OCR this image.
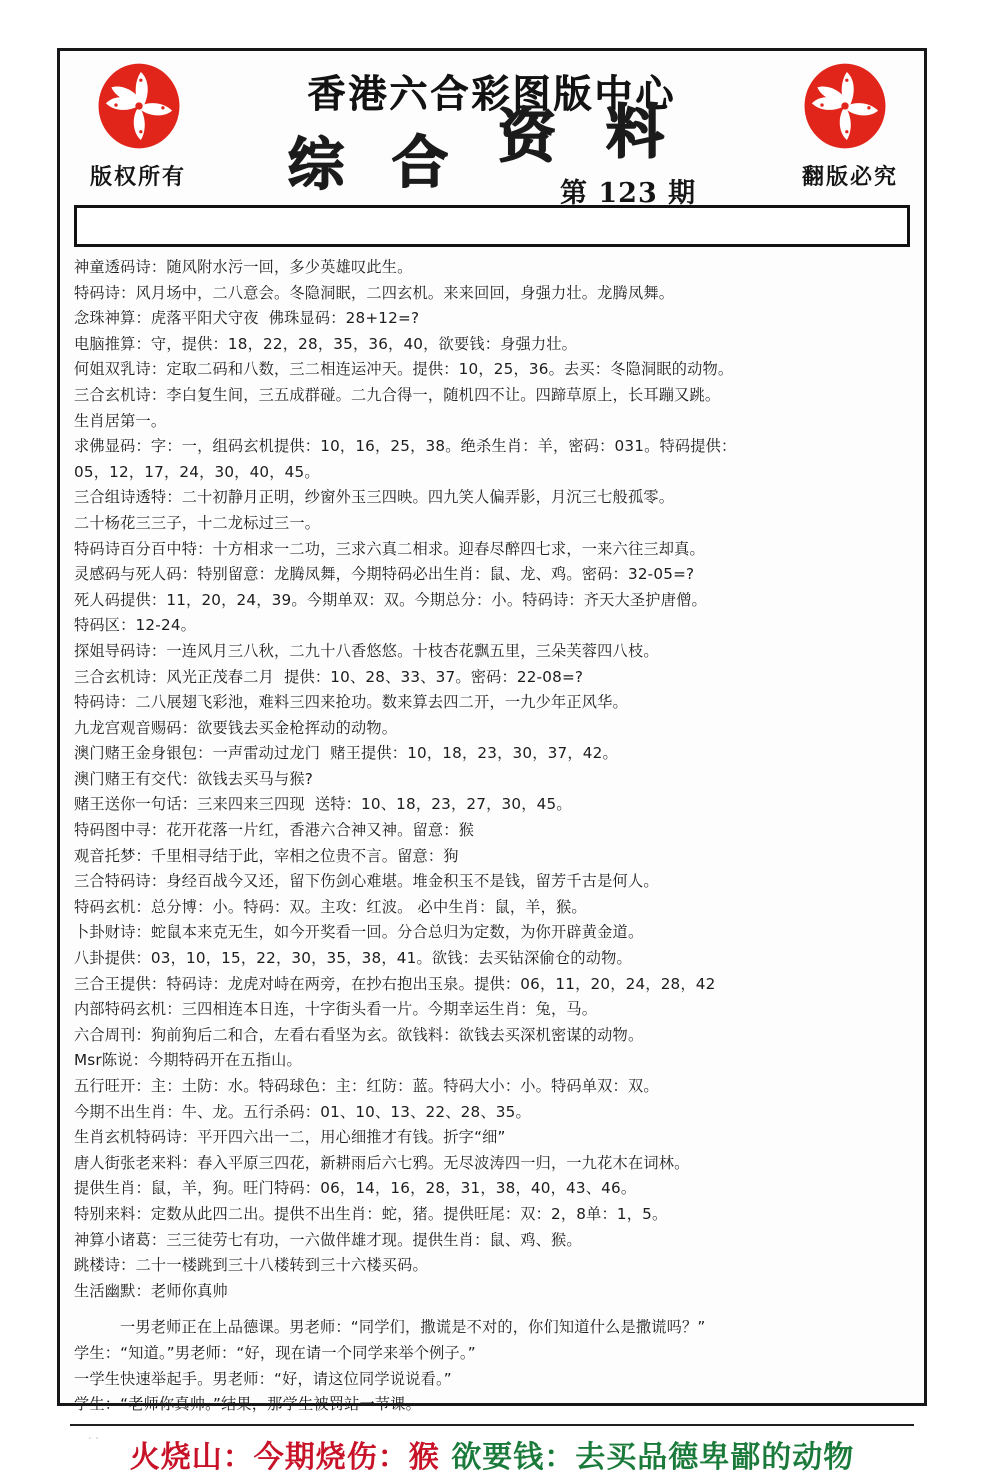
香港六合彩图版中心
综 合 资 料
第 123 期
版权所有	翻版必究
神童透码诗：随风附水污一回，多少英雄叹此生。
特码诗：风月场中，二八意会。冬隐洞眠，二四玄机。来来回回，身强力壮。龙腾凤舞。
念珠神算：虎落平阳犬守夜  佛珠显码：28+12=?
电脑推算：守，提供：18，22，28，35，36，40，欲要钱：身强力壮。
何姐双乳诗：定取二码和八数，三二相连运冲天。提供：10，25，36。去买：冬隐洞眠的动物。
三合玄机诗：李白复生间，三五成群碰。二九合得一，随机四不让。四蹄草原上，长耳蹦又跳。
生肖居第一。
求佛显码：字：一，组码玄机提供：10，16，25，38。绝杀生肖：羊，密码：031。特码提供：
05，12，17，24，30，40，45。
三合组诗透特：二十初静月正明，纱窗外玉三四映。四九笑人偏弄影，月沉三七般孤零。
二十杨花三三子，十二龙标过三一。
特码诗百分百中特：十方相求一二功，三求六真二相求。迎春尽醉四七求，一来六往三却真。
灵感码与死人码：特别留意：龙腾凤舞，今期特码必出生肖：鼠、龙、鸡。密码：32-05=?
死人码提供：11，20，24，39。今期单双：双。今期总分：小。特码诗：齐天大圣护唐僧。
特码区：12-24。
探姐导码诗：一连风月三八秋，二九十八香悠悠。十枝杏花飘五里，三朵芙蓉四八枝。
三合玄机诗：风光正茂春二月  提供：10、28、33、37。密码：22-08=?
特码诗：二八展翅飞彩池，难料三四来抢功。数来算去四二开，一九少年正风华。
九龙宫观音赐码：欲要钱去买金枪挥动的动物。
澳门赌王金身银包：一声雷动过龙门  赌王提供：10，18，23，30，37，42。
澳门赌王有交代：欲钱去买马与猴?
赌王送你一句话：三来四来三四现  送特：10、18，23，27，30，45。
特码图中寻：花开花落一片红，香港六合神又神。留意：猴
观音托梦：千里相寻结于此，宰相之位贵不言。留意：狗
三合特码诗：身经百战今又还，留下伤剑心难堪。堆金积玉不是钱，留芳千古是何人。
特码玄机：总分博：小。特码：双。主攻：红波。 必中生肖：鼠，羊，猴。
卜卦财诗：蛇鼠本来克无生，如今开奖看一回。分合总归为定数，为你开辟黄金道。
八卦提供：03，10，15，22，30，35，38，41。欲钱：去买钻深偷仓的动物。
三合王提供：特码诗：龙虎对峙在两旁，在抄右抱出玉泉。提供：06，11，20，24，28，42
内部特码玄机：三四相连本日连，十字街头看一片。今期幸运生肖：兔，马。
六合周刊：狗前狗后二和合，左看右看坚为玄。欲钱料：欲钱去买深机密谋的动物。
Msr陈说：今期特码开在五指山。
五行旺开：主：土防：水。特码球色：主：红防：蓝。特码大小：小。特码单双：双。
今期不出生肖：牛、龙。五行杀码：01、10、13、22、28、35。
生肖玄机特码诗：平开四六出一二，用心细推才有钱。折字“细”
唐人街张老来料：春入平原三四花，新耕雨后六七鸦。无尽波涛四一归，一九花木在词林。
提供生肖：鼠，羊，狗。旺门特码：06，14，16，28，31，38，40，43、46。
特别来料：定数从此四二出。提供不出生肖：蛇，猪。提供旺尾：双：2，8单：1，5。
神算小诸葛：三三徒劳七有功，一六做伴雄才现。提供生肖：鼠、鸡、猴。
跳楼诗：二十一楼跳到三十八楼转到三十六楼买码。
生活幽默：老师你真帅
一男老师正在上品德课。男老师：“同学们，撒谎是不对的，你们知道什么是撒谎吗？”
学生：“知道。”男老师：“好，现在请一个同学来举个例子。”
一学生快速举起手。男老师：“好，请这位同学说说看。”
学生：“老师你真帅。”结果，那学生被罚站一节课。
火烧山：今期烧伤：猴 欲要钱：去买品德卑鄙的动物
..
